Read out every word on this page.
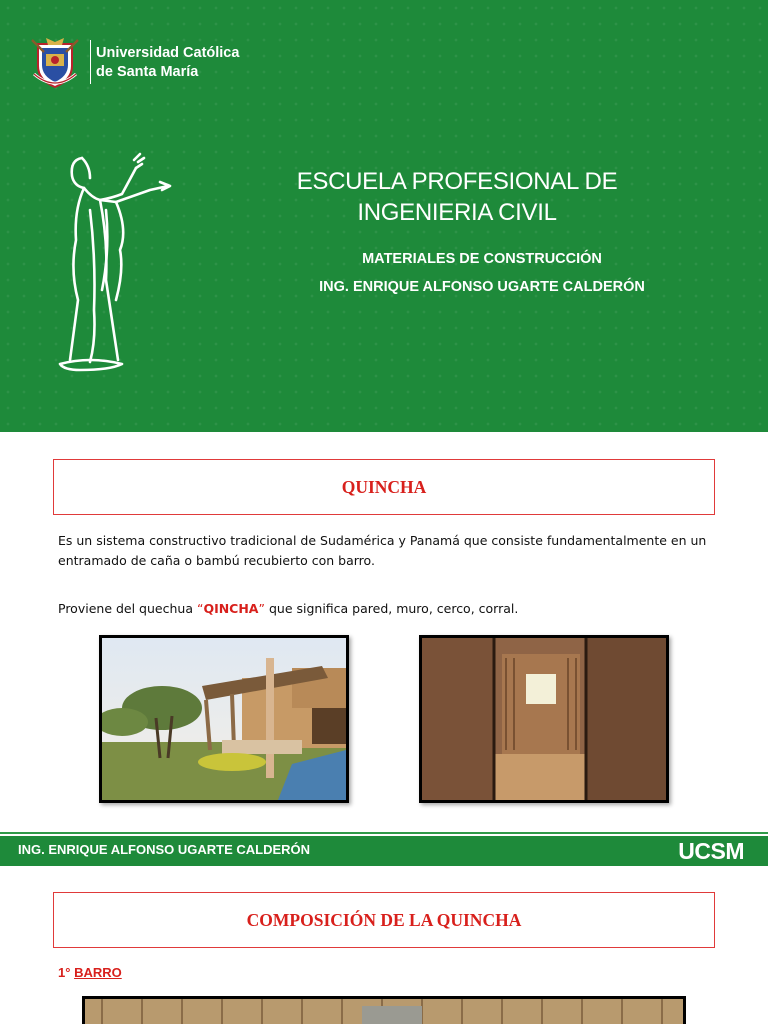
Universidad Católica
de Santa María
ESCUELA PROFESIONAL DE
INGENIERIA CIVIL
MATERIALES DE CONSTRUCCIÓN
ING. ENRIQUE ALFONSO UGARTE CALDERÓN
QUINCHA
Es un sistema constructivo tradicional de Sudamérica y Panamá que consiste fundamentalmente en un entramado de caña o bambú recubierto con barro.
Proviene del quechua “QINCHA” que significa pared, muro, cerco, corral.
ING. ENRIQUE ALFONSO UGARTE CALDERÓN	UCSM
COMPOSICIÓN DE LA QUINCHA
1° BARRO
